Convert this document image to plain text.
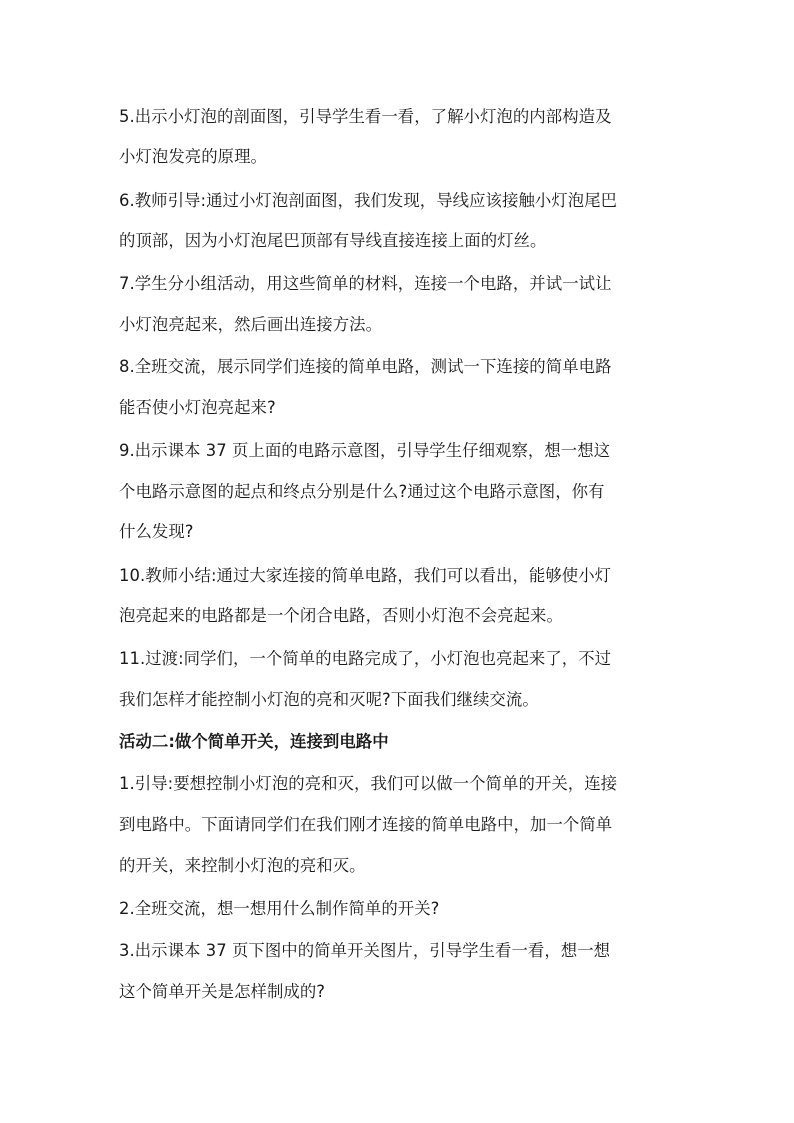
5.出示小灯泡的剖面图，引导学生看一看，了解小灯泡的内部构造及
小灯泡发亮的原理。
6.教师引导:通过小灯泡剖面图，我们发现，导线应该接触小灯泡尾巴
的顶部，因为小灯泡尾巴顶部有导线直接连接上面的灯丝。
7.学生分小组活动，用这些简单的材料，连接一个电路，并试一试让
小灯泡亮起来，然后画出连接方法。
8.全班交流，展示同学们连接的简单电路，测试一下连接的简单电路
能否使小灯泡亮起来?
9.出示课本 37 页上面的电路示意图，引导学生仔细观察，想一想这
个电路示意图的起点和终点分别是什么?通过这个电路示意图，你有
什么发现?
10.教师小结:通过大家连接的简单电路，我们可以看出，能够使小灯
泡亮起来的电路都是一个闭合电路，否则小灯泡不会亮起来。
11.过渡:同学们，一个简单的电路完成了，小灯泡也亮起来了，不过
我们怎样才能控制小灯泡的亮和灭呢?下面我们继续交流。
活动二:做个简单开关，连接到电路中
1.引导:要想控制小灯泡的亮和灭，我们可以做一个简单的开关，连接
到电路中。下面请同学们在我们刚才连接的简单电路中，加一个简单
的开关，来控制小灯泡的亮和灭。
2.全班交流，想一想用什么制作简单的开关?
3.出示课本 37 页下图中的简单开关图片，引导学生看一看，想一想
这个简单开关是怎样制成的?
